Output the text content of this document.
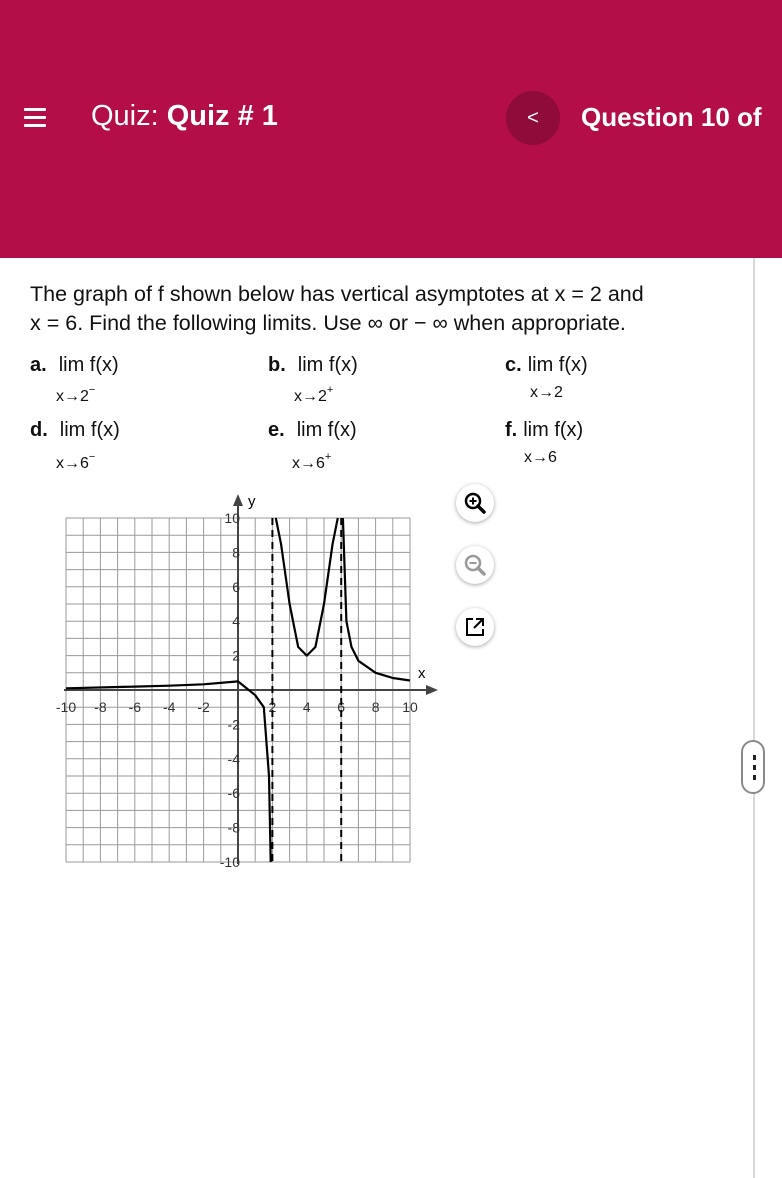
Quiz: Quiz # 1	<	Question 10 of
The graph of f shown below has vertical asymptotes at x = 2 and
x = 6. Find the following limits. Use ∞ or − ∞ when appropriate.
a. lim f(x)
x→2−
b. lim f(x)
x→2+
c. lim f(x)
x→2
d. lim f(x)
x→6−
e. lim f(x)
x→6+
f. lim f(x)
x→6
x
y
-10 -8 -6 -4 -2	2 4 6 8 10
10
8
6
4
2
-2
-4
-6
-8
-10
